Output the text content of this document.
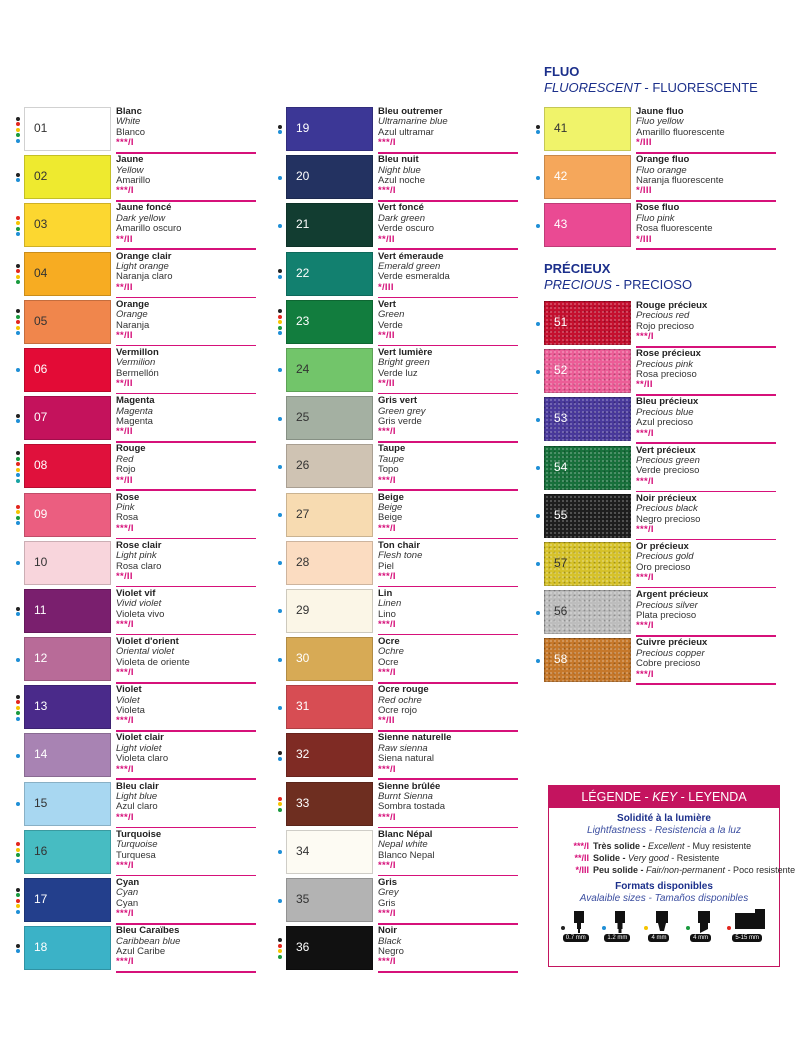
01
Blanc
White
Blanco
***/I
02
Jaune
Yellow
Amarillo
***/I
03
Jaune foncé
Dark yellow
Amarillo oscuro
**/II
04
Orange clair
Light orange
Naranja claro
**/II
05
Orange
Orange
Naranja
**/II
06
Vermillon
Vermilion
Bermellón
**/II
07
Magenta
Magenta
Magenta
**/II
08
Rouge
Red
Rojo
**/II
09
Rose
Pink
Rosa
***/I
10
Rose clair
Light pink
Rosa claro
**/II
11
Violet vif
Vivid violet
Violeta vivo
***/I
12
Violet d'orient
Oriental violet
Violeta de oriente
***/I
13
Violet
Violet
Violeta
***/I
14
Violet clair
Light violet
Violeta claro
***/I
15
Bleu clair
Light blue
Azul claro
***/I
16
Turquoise
Turquoise
Turquesa
***/I
17
Cyan
Cyan
Cyan
***/I
18
Bleu Caraïbes
Caribbean blue
Azul Caribe
***/I
19
Bleu outremer
Ultramarine blue
Azul ultramar
***/I
20
Bleu nuit
Night blue
Azul noche
***/I
21
Vert foncé
Dark green
Verde oscuro
**/II
22
Vert émeraude
Emerald green
Verde esmeralda
*/III
23
Vert
Green
Verde
**/II
24
Vert lumière
Bright green
Verde luz
**/II
25
Gris vert
Green grey
Gris verde
***/I
26
Taupe
Taupe
Topo
***/I
27
Beige
Beige
Beige
***/I
28
Ton chair
Flesh tone
Piel
***/I
29
Lin
Linen
Lino
***/I
30
Ocre
Ochre
Ocre
***/I
31
Ocre rouge
Red ochre
Ocre rojo
**/II
32
Sienne naturelle
Raw sienna
Siena natural
***/I
33
Sienne brûlée
Burnt Sienna
Sombra tostada
***/I
34
Blanc Népal
Nepal white
Blanco Nepal
***/I
35
Gris
Grey
Gris
***/I
36
Noir
Black
Negro
***/I
FLUO
FLUORESCENT - FLUORESCENTE
41
Jaune fluo
Fluo yellow
Amarillo fluorescente
*/III
42
Orange fluo
Fluo orange
Naranja fluorescente
*/III
43
Rose fluo
Fluo pink
Rosa fluorescente
*/III
PRÉCIEUX
PRECIOUS - PRECIOSO
51
Rouge précieux
Precious red
Rojo precioso
***/I
52
Rose précieux
Precious pink
Rosa precioso
**/II
53
Bleu précieux
Precious blue
Azul precioso
***/I
54
Vert précieux
Precious green
Verde precioso
***/I
55
Noir précieux
Precious black
Negro precioso
***/I
57
Or précieux
Precious gold
Oro precioso
***/I
56
Argent précieux
Precious silver
Plata precioso
***/I
58
Cuivre précieux
Precious copper
Cobre precioso
***/I
LÉGENDE - KEY - LEYENDA
Solidité à la lumière
Lightfastness - Resistencia a la luz
***/I Très solide - Excellent - Muy resistente
**/II Solide - Very good - Resistente
*/III Peu solide - Fair/non-permanent - Poco resistente
Formats disponibles
Avalaible sizes - Tamaños disponibles
0.7 mm	1.2 mm	4 mm	4 mm	5-15 mm
